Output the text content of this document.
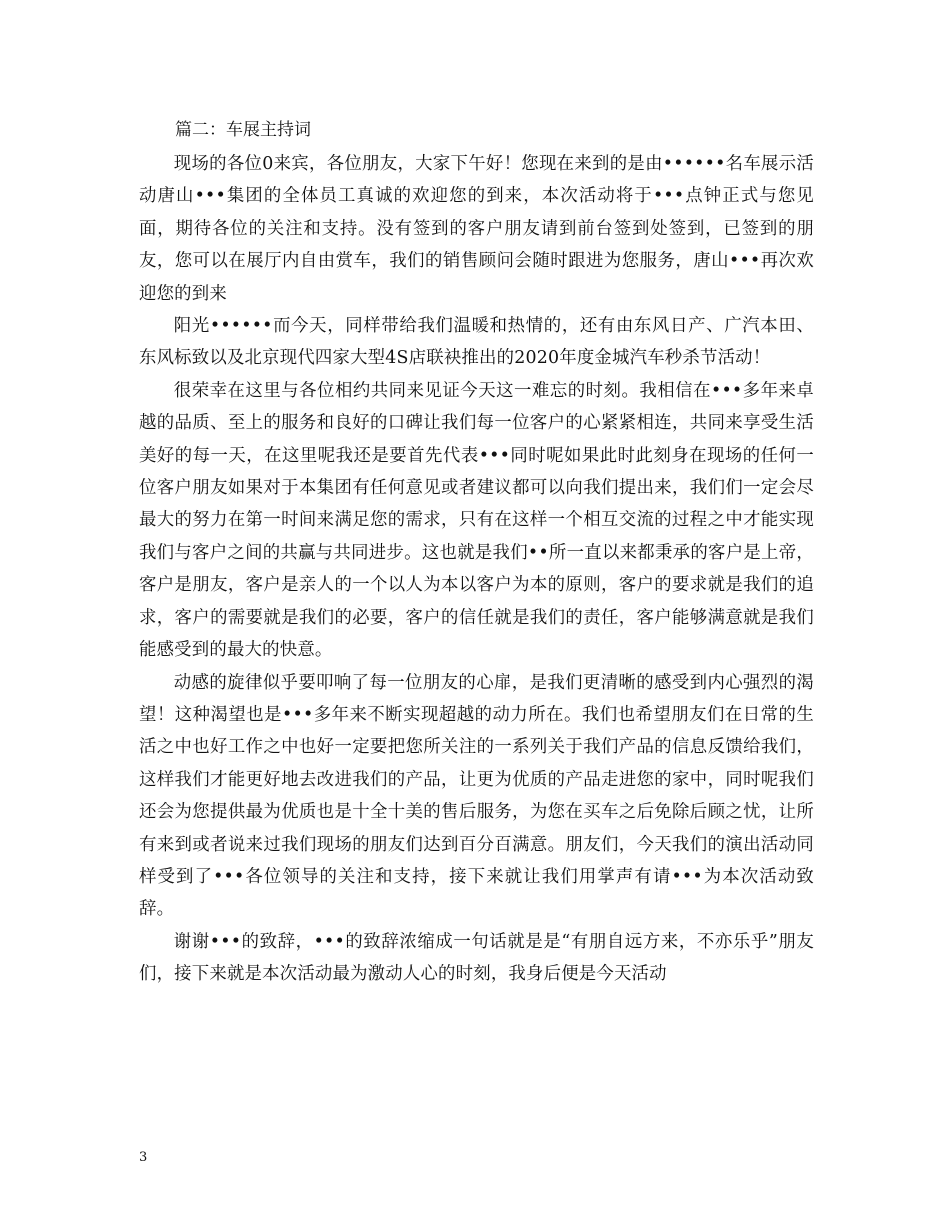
篇二：车展主持词

现场的各位0来宾，各位朋友，大家下午好！您现在来到的是由••••••名车展示活动唐山•••集团的全体员工真诚的欢迎您的到来，本次活动将于•••点钟正式与您见面，期待各位的关注和支持。没有签到的客户朋友请到前台签到处签到，已签到的朋友，您可以在展厅内自由赏车，我们的销售顾问会随时跟进为您服务，唐山•••再次欢迎您的到来

阳光••••••而今天，同样带给我们温暖和热情的，还有由东风日产、广汽本田、东风标致以及北京现代四家大型4S店联袂推出的2020年度金城汽车秒杀节活动！

很荣幸在这里与各位相约共同来见证今天这一难忘的时刻。我相信在•••多年来卓越的品质、至上的服务和良好的口碑让我们每一位客户的心紧紧相连，共同来享受生活美好的每一天，在这里呢我还是要首先代表•••同时呢如果此时此刻身在现场的任何一位客户朋友如果对于本集团有任何意见或者建议都可以向我们提出来，我们们一定会尽最大的努力在第一时间来满足您的需求，只有在这样一个相互交流的过程之中才能实现我们与客户之间的共赢与共同进步。这也就是我们••所一直以来都秉承的客户是上帝，客户是朋友，客户是亲人的一个以人为本以客户为本的原则，客户的要求就是我们的追求，客户的需要就是我们的必要，客户的信任就是我们的责任，客户能够满意就是我们能感受到的最大的快意。

动感的旋律似乎要叩响了每一位朋友的心扉，是我们更清晰的感受到内心强烈的渴望！这种渴望也是•••多年来不断实现超越的动力所在。我们也希望朋友们在日常的生活之中也好工作之中也好一定要把您所关注的一系列关于我们产品的信息反馈给我们，这样我们才能更好地去改进我们的产品，让更为优质的产品走进您的家中，同时呢我们还会为您提供最为优质也是十全十美的售后服务，为您在买车之后免除后顾之忧，让所有来到或者说来过我们现场的朋友们达到百分百满意。朋友们，今天我们的演出活动同样受到了•••各位领导的关注和支持，接下来就让我们用掌声有请•••为本次活动致辞。

谢谢•••的致辞，•••的致辞浓缩成一句话就是是“有朋自远方来，不亦乐乎”朋友们，接下来就是本次活动最为激动人心的时刻，我身后便是今天活动

3
